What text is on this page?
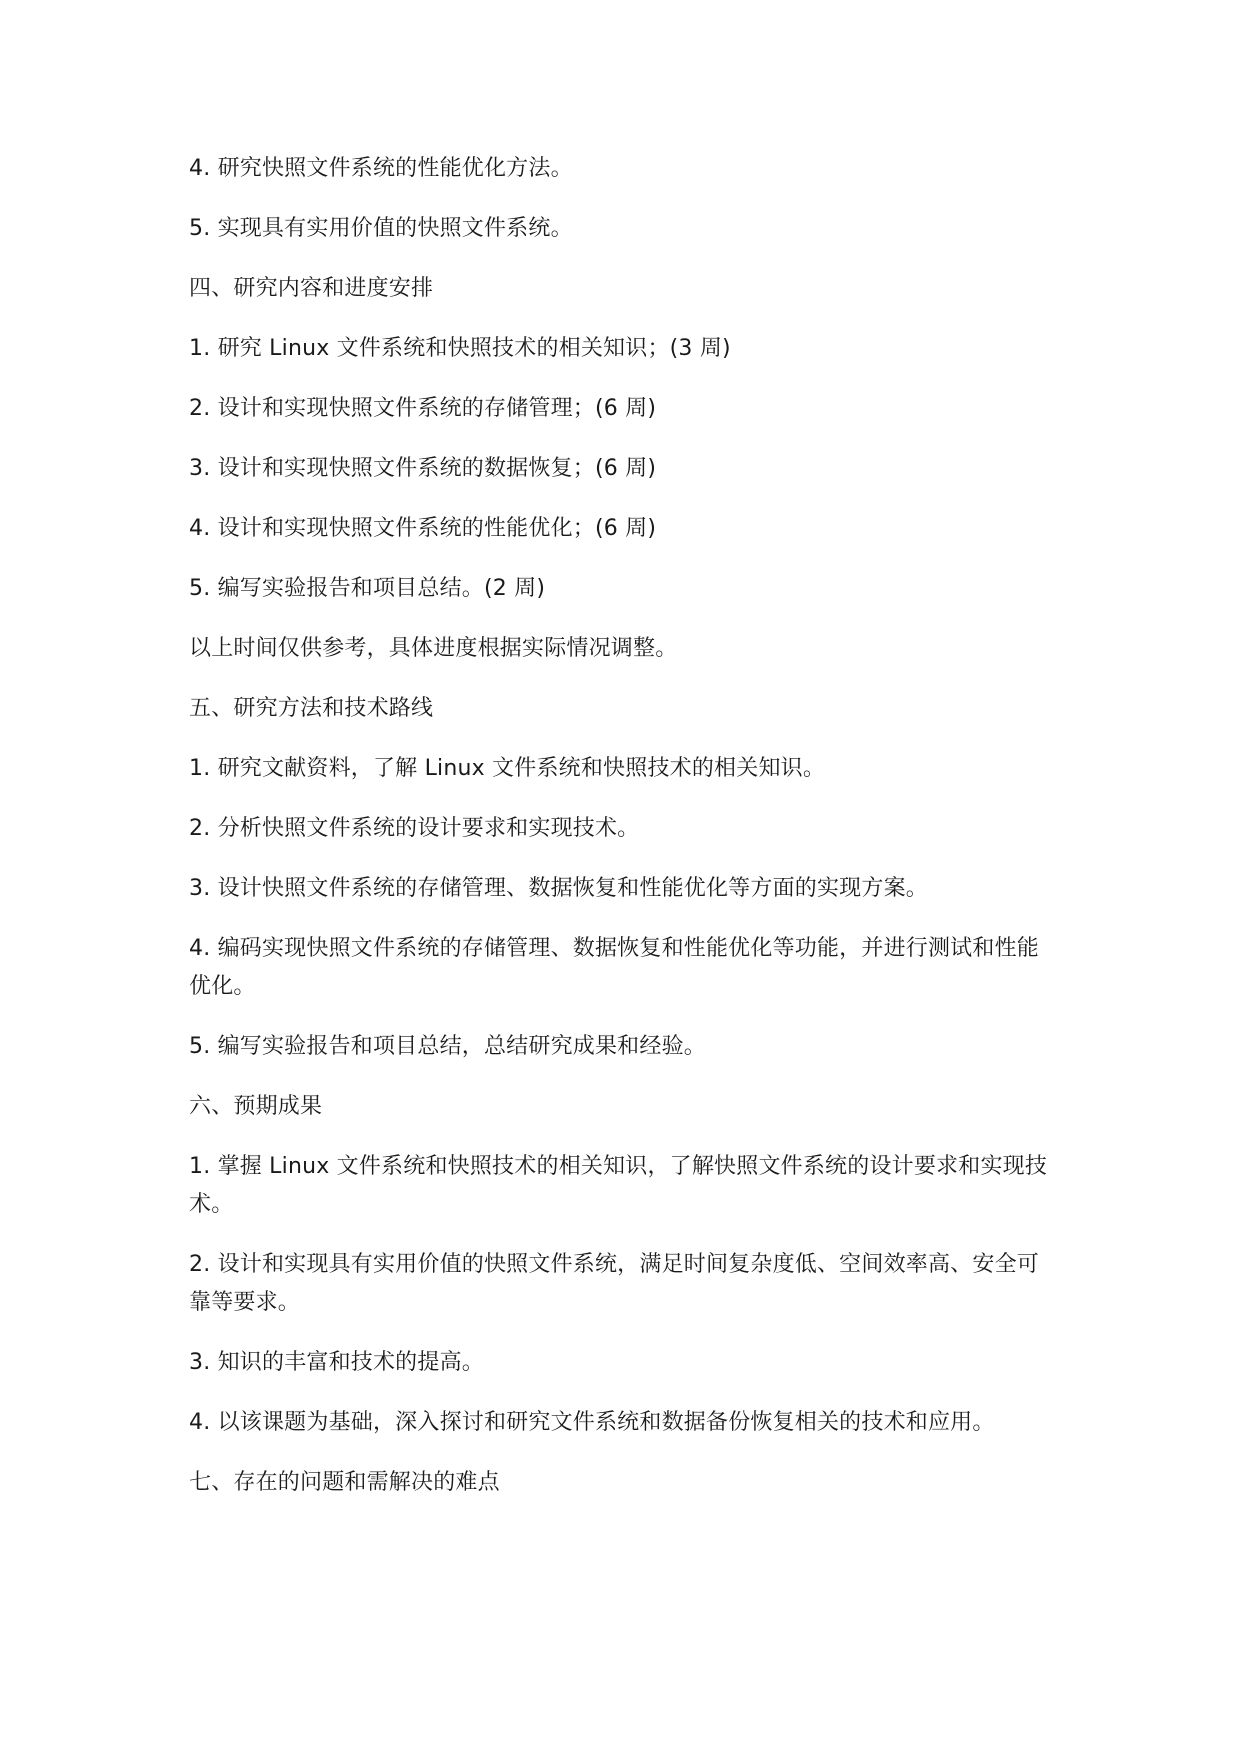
4. 研究快照文件系统的性能优化方法。

5. 实现具有实用价值的快照文件系统。

四、研究内容和进度安排

1. 研究 Linux 文件系统和快照技术的相关知识；(3 周)

2. 设计和实现快照文件系统的存储管理；(6 周)

3. 设计和实现快照文件系统的数据恢复；(6 周)

4. 设计和实现快照文件系统的性能优化；(6 周)

5. 编写实验报告和项目总结。(2 周)

以上时间仅供参考，具体进度根据实际情况调整。

五、研究方法和技术路线

1. 研究文献资料，了解 Linux 文件系统和快照技术的相关知识。

2. 分析快照文件系统的设计要求和实现技术。

3. 设计快照文件系统的存储管理、数据恢复和性能优化等方面的实现方案。

4. 编码实现快照文件系统的存储管理、数据恢复和性能优化等功能，并进行测试和性能优化。

5. 编写实验报告和项目总结，总结研究成果和经验。

六、预期成果

1. 掌握 Linux 文件系统和快照技术的相关知识，了解快照文件系统的设计要求和实现技术。

2. 设计和实现具有实用价值的快照文件系统，满足时间复杂度低、空间效率高、安全可靠等要求。

3. 知识的丰富和技术的提高。

4. 以该课题为基础，深入探讨和研究文件系统和数据备份恢复相关的技术和应用。

七、存在的问题和需解决的难点
